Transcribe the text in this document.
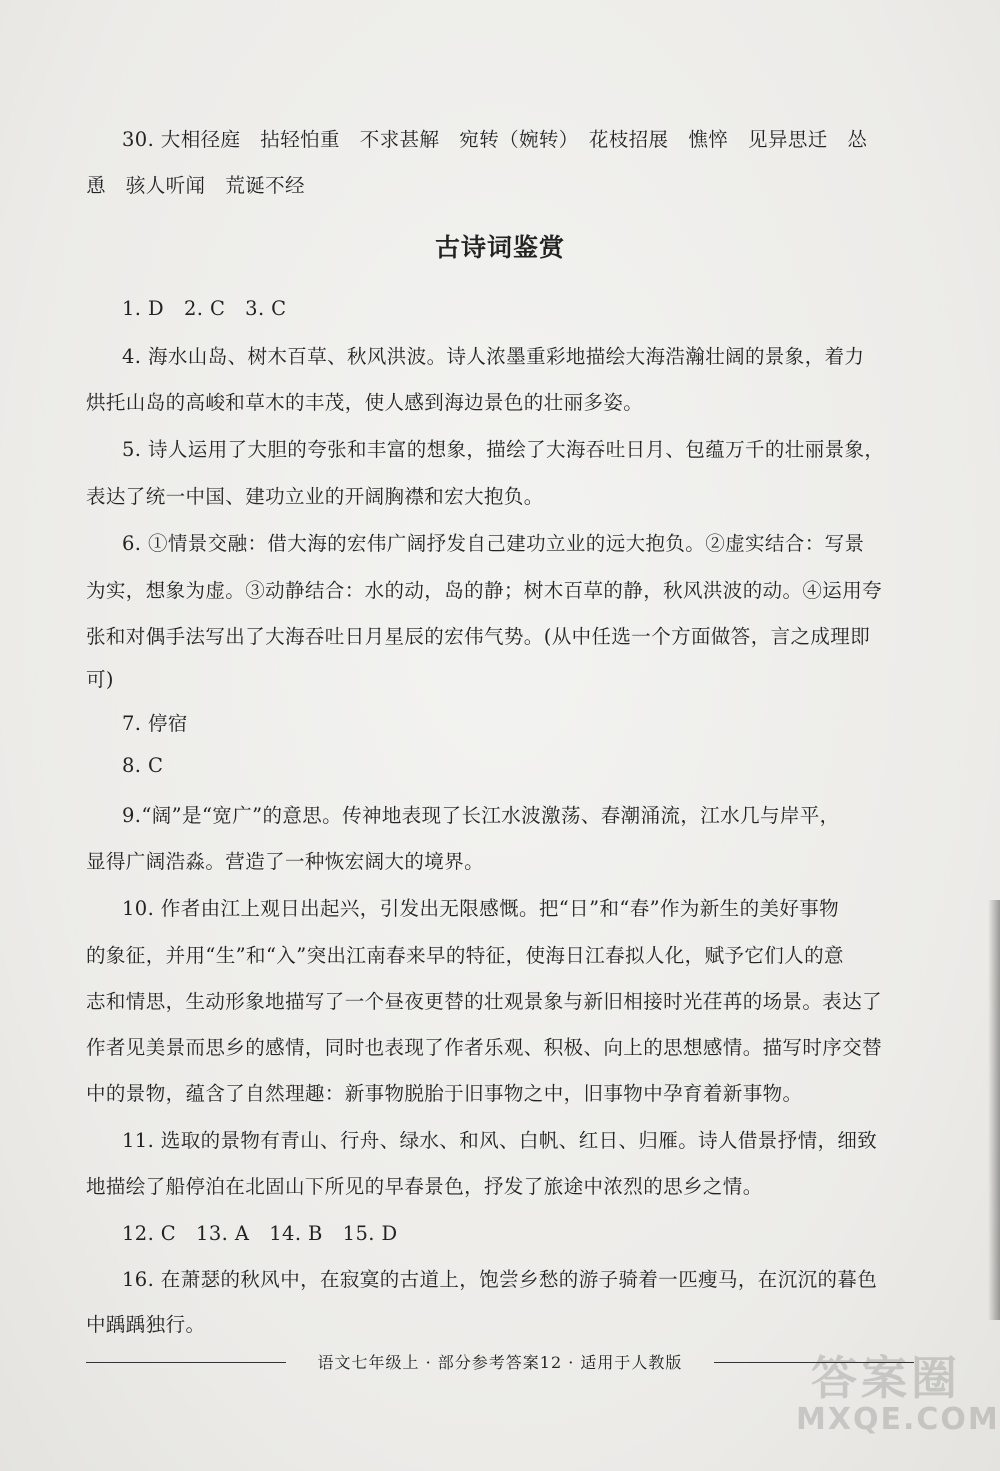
30. 大相径庭　拈轻怕重　不求甚解　宛转（婉转）　花枝招展　憔悴　见异思迁　怂
恿　骇人听闻　荒诞不经
古诗词鉴赏
1. D　2. C　3. C
4. 海水山岛、树木百草、秋风洪波。诗人浓墨重彩地描绘大海浩瀚壮阔的景象，着力
烘托山岛的高峻和草木的丰茂，使人感到海边景色的壮丽多姿。
5. 诗人运用了大胆的夸张和丰富的想象，描绘了大海吞吐日月、包蕴万千的壮丽景象，
表达了统一中国、建功立业的开阔胸襟和宏大抱负。
6. ①情景交融：借大海的宏伟广阔抒发自己建功立业的远大抱负。②虚实结合：写景
为实，想象为虚。③动静结合：水的动，岛的静；树木百草的静，秋风洪波的动。④运用夸
张和对偶手法写出了大海吞吐日月星辰的宏伟气势。(从中任选一个方面做答，言之成理即
可)
7. 停宿
8. C
9.“阔”是“宽广”的意思。传神地表现了长江水波激荡、春潮涌流，江水几与岸平，
显得广阔浩淼。营造了一种恢宏阔大的境界。
10. 作者由江上观日出起兴，引发出无限感慨。把“日”和“春”作为新生的美好事物
的象征，并用“生”和“入”突出江南春来早的特征，使海日江春拟人化，赋予它们人的意
志和情思，生动形象地描写了一个昼夜更替的壮观景象与新旧相接时光荏苒的场景。表达了
作者见美景而思乡的感情，同时也表现了作者乐观、积极、向上的思想感情。描写时序交替
中的景物，蕴含了自然理趣：新事物脱胎于旧事物之中，旧事物中孕育着新事物。
11. 选取的景物有青山、行舟、绿水、和风、白帆、红日、归雁。诗人借景抒情，细致
地描绘了船停泊在北固山下所见的早春景色，抒发了旅途中浓烈的思乡之情。
12. C　13. A　14. B　15. D
16. 在萧瑟的秋风中，在寂寞的古道上，饱尝乡愁的游子骑着一匹瘦马，在沉沉的暮色
中踽踽独行。
语文七年级上 · 部分参考答案12 · 适用于人教版	答案圈
MXQE.COM
